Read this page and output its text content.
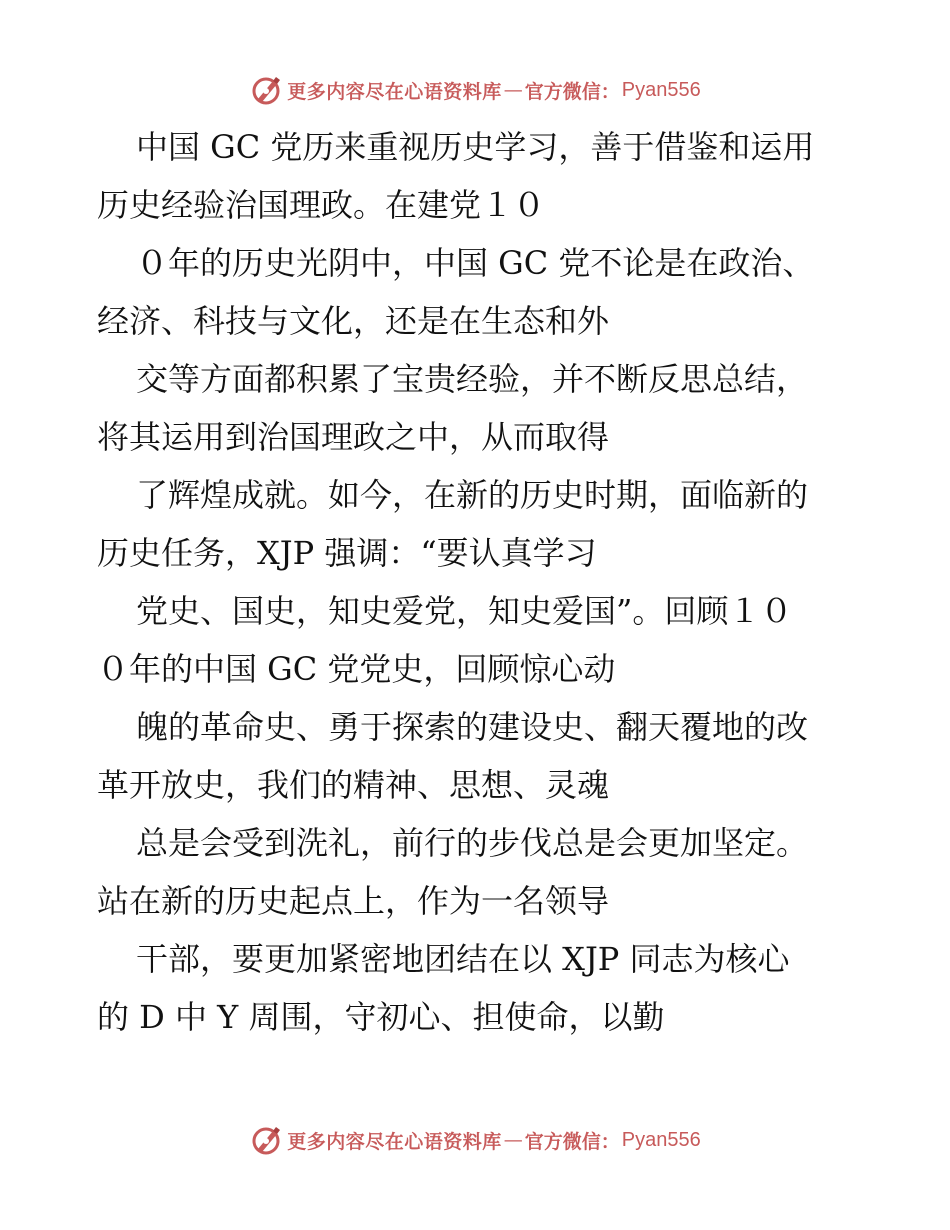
更多内容尽在心语资料库 — 官方微信： Pyan556
中国 GC 党历来重视历史学习，善于借鉴和运用
历史经验治国理政。在建党１０
０年的历史光阴中，中国 GC 党不论是在政治、
经济、科技与文化，还是在生态和外
交等方面都积累了宝贵经验，并不断反思总结，
将其运用到治国理政之中，从而取得
了辉煌成就。如今，在新的历史时期，面临新的
历史任务，XJP 强调：“要认真学习
党史、国史，知史爱党，知史爱国”。回顾１０
０年的中国 GC 党党史，回顾惊心动
魄的革命史、勇于探索的建设史、翻天覆地的改
革开放史，我们的精神、思想、灵魂
总是会受到洗礼，前行的步伐总是会更加坚定。
站在新的历史起点上，作为一名领导
干部，要更加紧密地团结在以 XJP 同志为核心
的 D 中 Y 周围，守初心、担使命，以勤
更多内容尽在心语资料库 — 官方微信： Pyan556
